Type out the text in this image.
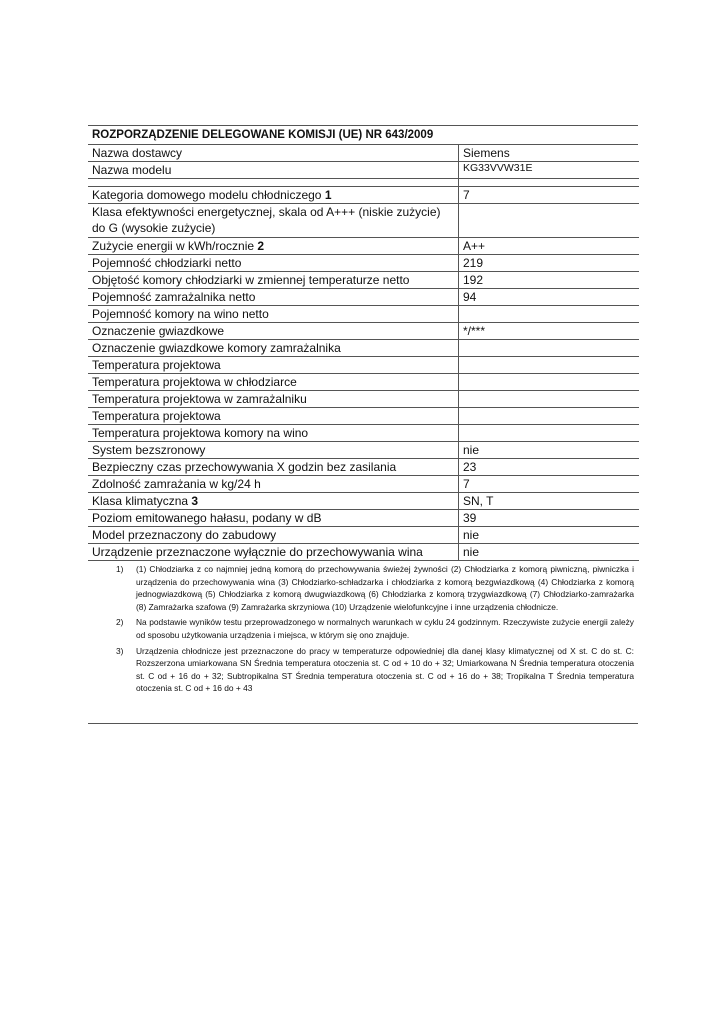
ROZPORZĄDZENIE DELEGOWANE KOMISJI (UE) NR 643/2009
Nazwa dostawcy	Siemens
Nazwa modelu	KG33VVW31E

Kategoria domowego modelu chłodniczego 1	7
Klasa efektywności energetycznej, skala od A+++ (niskie zużycie) do G (wysokie zużycie)	
Zużycie energii w kWh/rocznie 2	A++
Pojemność chłodziarki netto	219
Objętość komory chłodziarki w zmiennej temperaturze netto	192
Pojemność zamrażalnika netto	94
Pojemność komory na wino netto	
Oznaczenie gwiazdkowe	*/***
Oznaczenie gwiazdkowe komory zamrażalnika	
Temperatura projektowa	
Temperatura projektowa w chłodziarce	
Temperatura projektowa w zamrażalniku	
Temperatura projektowa	
Temperatura projektowa komory na wino	
System bezszronowy	nie
Bezpieczny czas przechowywania X godzin bez zasilania	23
Zdolność zamrażania w kg/24 h	7
Klasa klimatyczna 3	SN, T
Poziom emitowanego hałasu, podany w dB	39
Model przeznaczony do zabudowy	nie
Urządzenie przeznaczone wyłącznie do przechowywania wina	nie
1)	(1) Chłodziarka z co najmniej jedną komorą do przechowywania świeżej żywności (2) Chłodziarka z komorą piwniczną, piwniczka i urządzenia do przechowywania wina (3) Chłodziarko-schładzarka i chłodziarka z komorą bezgwiazdkową (4) Chłodziarka z komorą jednogwiazdkową (5) Chłodziarka z komorą dwugwiazdkową (6) Chłodziarka z komorą trzygwiazdkową (7) Chłodziarko-zamrażarka (8) Zamrażarka szafowa (9) Zamrażarka skrzyniowa (10) Urządzenie wielofunkcyjne i inne urządzenia chłodnicze.
2)	Na podstawie wyników testu przeprowadzonego w normalnych warunkach w cyklu 24 godzinnym. Rzeczywiste zużycie energii zależy od sposobu użytkowania urządzenia i miejsca, w którym się ono znajduje.
3)	Urządzenia chłodnicze jest przeznaczone do pracy w temperaturze odpowiedniej dla danej klasy klimatycznej od X st. C do st. C: Rozszerzona umiarkowana SN Średnia temperatura otoczenia st. C od + 10 do + 32; Umiarkowana N Średnia temperatura otoczenia st. C od + 16 do + 32; Subtropikalna ST Średnia temperatura otoczenia st. C od + 16 do + 38; Tropikalna T Średnia temperatura otoczenia st. C od + 16 do + 43
